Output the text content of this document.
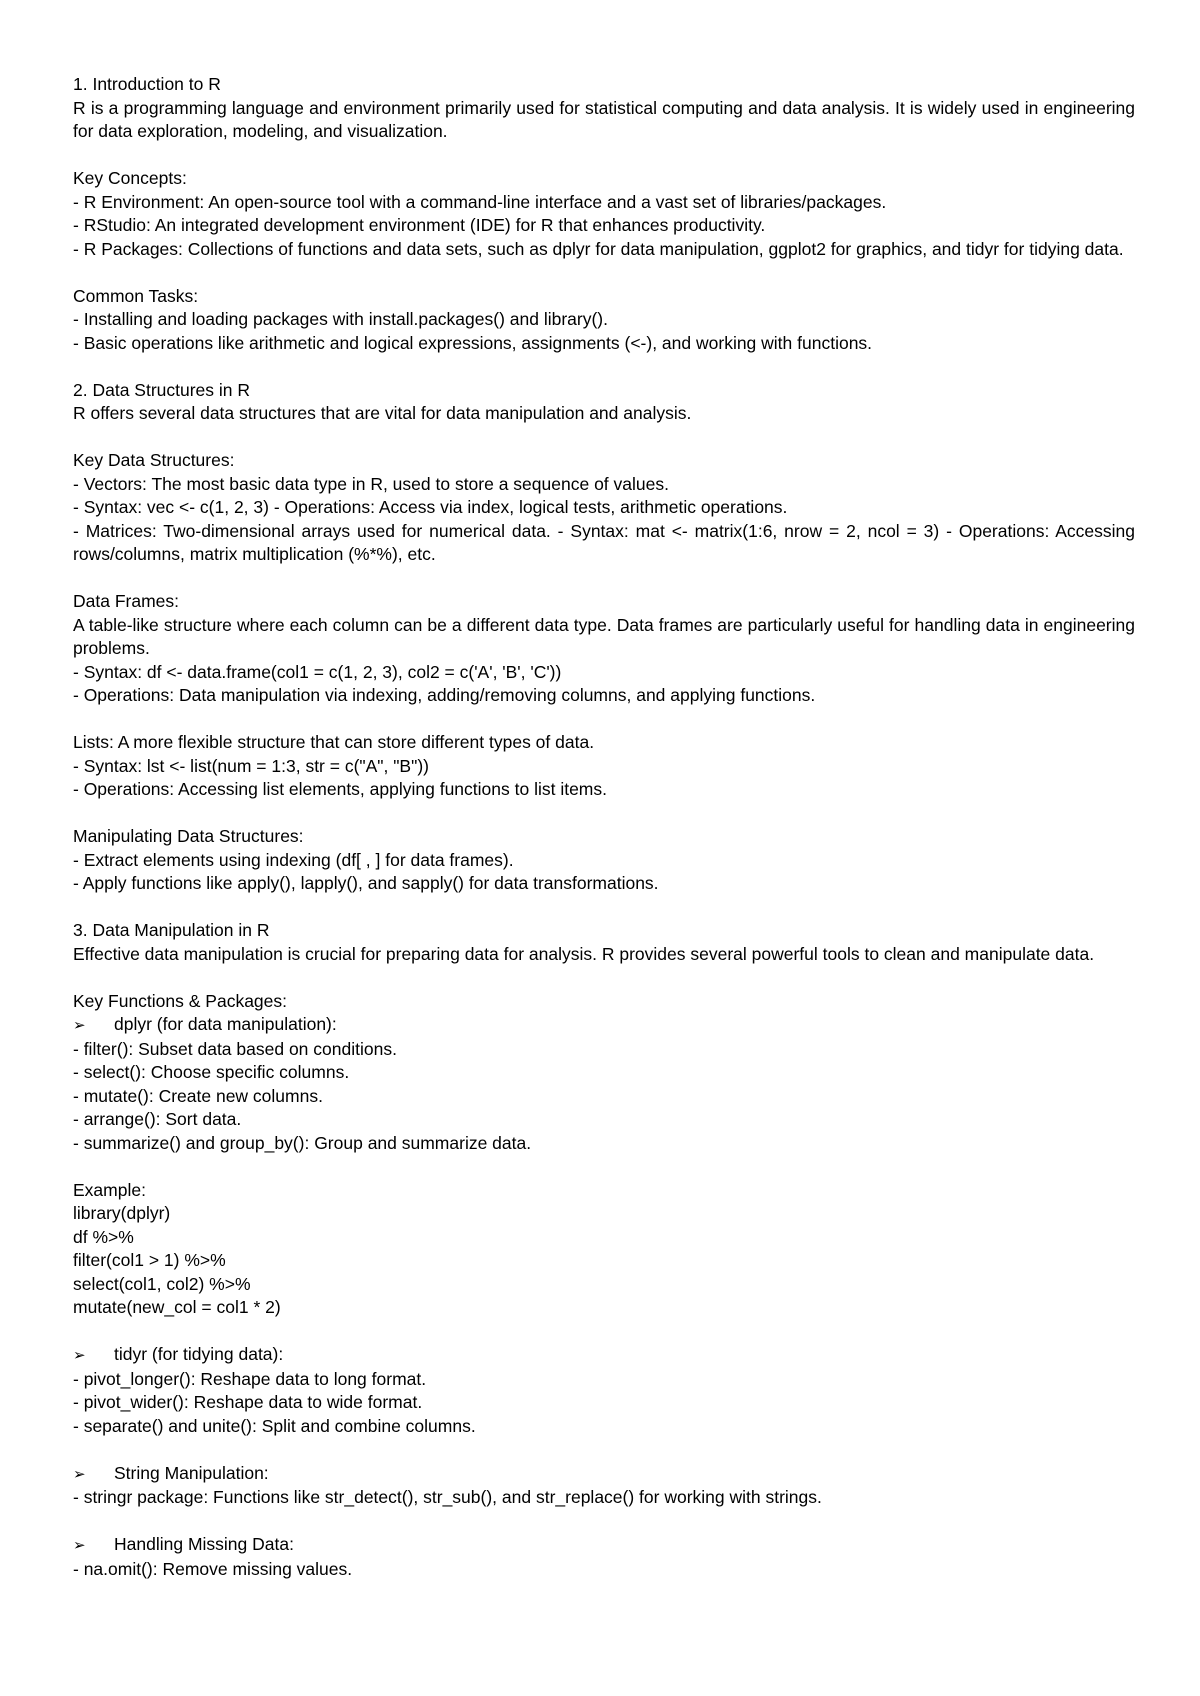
1. Introduction to R
R is a programming language and environment primarily used for statistical computing and data analysis. It is widely used in engineering for data exploration, modeling, and visualization.
Key Concepts:
- R Environment: An open-source tool with a command-line interface and a vast set of libraries/packages.
- RStudio: An integrated development environment (IDE) for R that enhances productivity.
- R Packages: Collections of functions and data sets, such as dplyr for data manipulation, ggplot2 for graphics, and tidyr for tidying data.
Common Tasks:
- Installing and loading packages with install.packages() and library().
- Basic operations like arithmetic and logical expressions, assignments (<-), and working with functions.
2. Data Structures in R
R offers several data structures that are vital for data manipulation and analysis.
Key Data Structures:
- Vectors: The most basic data type in R, used to store a sequence of values.
- Syntax: vec <- c(1, 2, 3) - Operations: Access via index, logical tests, arithmetic operations.
- Matrices: Two-dimensional arrays used for numerical data. - Syntax: mat <- matrix(1:6, nrow = 2, ncol = 3) - Operations: Accessing rows/columns, matrix multiplication (%*%), etc.
Data Frames:
A table-like structure where each column can be a different data type. Data frames are particularly useful for handling data in engineering problems.
- Syntax: df <- data.frame(col1 = c(1, 2, 3), col2 = c('A', 'B', 'C'))
- Operations: Data manipulation via indexing, adding/removing columns, and applying functions.
Lists: A more flexible structure that can store different types of data.
- Syntax: lst <- list(num = 1:3, str = c("A", "B"))
- Operations: Accessing list elements, applying functions to list items.
Manipulating Data Structures:
- Extract elements using indexing (df[ , ] for data frames).
- Apply functions like apply(), lapply(), and sapply() for data transformations.
3. Data Manipulation in R
Effective data manipulation is crucial for preparing data for analysis. R provides several powerful tools to clean and manipulate data.
Key Functions & Packages:
➢ dplyr (for data manipulation):
- filter(): Subset data based on conditions.
- select(): Choose specific columns.
- mutate(): Create new columns.
- arrange(): Sort data.
- summarize() and group_by(): Group and summarize data.
Example:
library(dplyr)
df %>%
filter(col1 > 1) %>%
select(col1, col2) %>%
mutate(new_col = col1 * 2)
➢ tidyr (for tidying data):
- pivot_longer(): Reshape data to long format.
- pivot_wider(): Reshape data to wide format.
- separate() and unite(): Split and combine columns.
➢ String Manipulation:
- stringr package: Functions like str_detect(), str_sub(), and str_replace() for working with strings.
➢ Handling Missing Data:
- na.omit(): Remove missing values.
